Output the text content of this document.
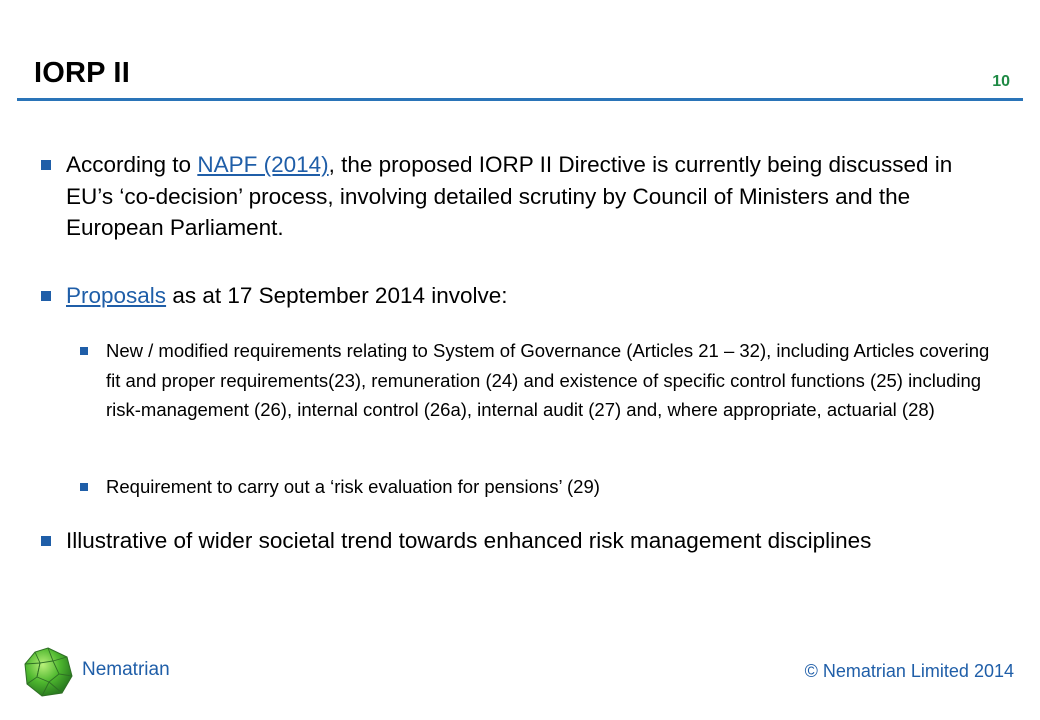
IORP II	10
According to NAPF (2014), the proposed IORP II Directive is currently being discussed in EU’s ‘co-decision’ process, involving detailed scrutiny by Council of Ministers and the European Parliament.
Proposals as at 17 September 2014 involve:
New / modified requirements relating to System of Governance (Articles 21 – 32), including Articles covering fit and proper requirements(23), remuneration (24) and existence of specific control functions (25) including risk-management (26), internal control (26a), internal audit (27) and, where appropriate, actuarial (28)
Requirement to carry out a ‘risk evaluation for pensions’ (29)
Illustrative of wider societal trend towards enhanced risk management disciplines
Nematrian	© Nematrian Limited 2014
